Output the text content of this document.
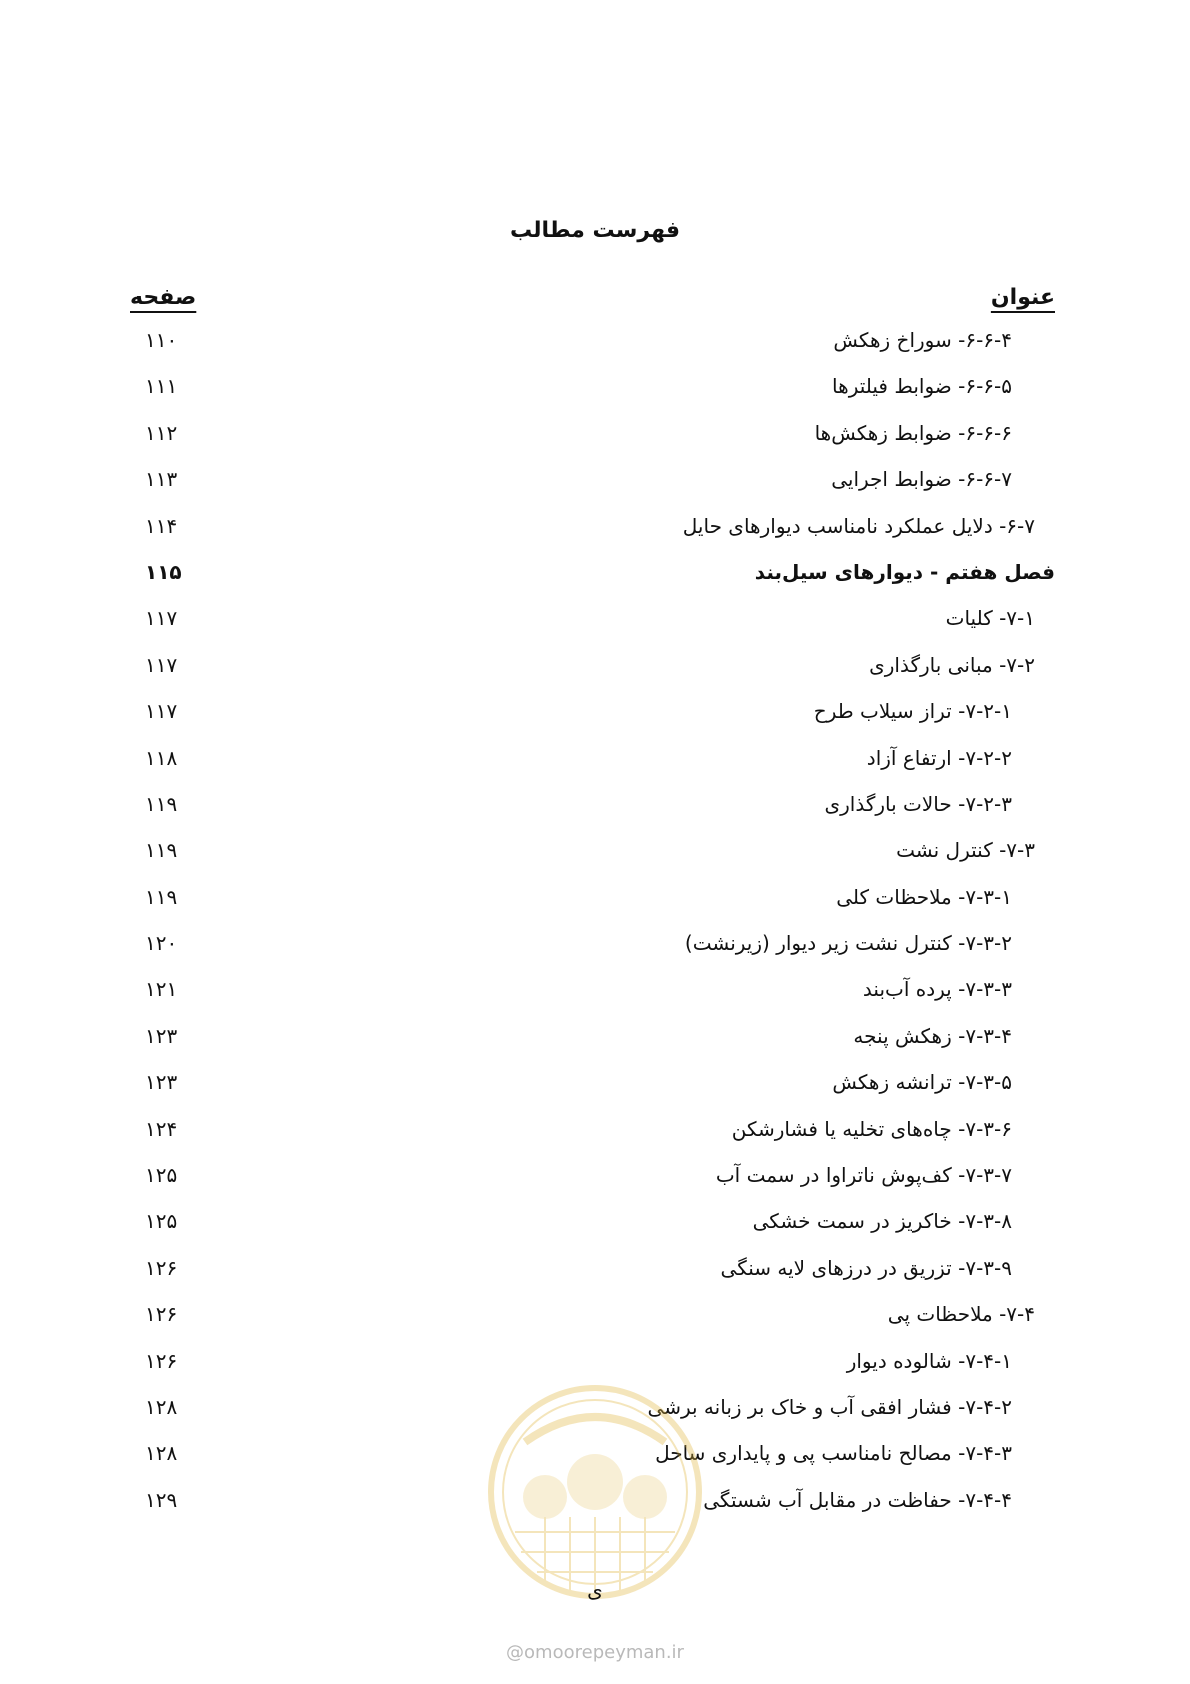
فهرست مطالب
عنوان
صفحه
۶-۶-۴- سوراخ زهکش
۱۱۰
۶-۶-۵- ضوابط فیلترها
۱۱۱
۶-۶-۶- ضوابط زهکش‌ها
۱۱۲
۶-۶-۷- ضوابط اجرایی
۱۱۳
۶-۷- دلایل عملکرد نامناسب دیوارهای حایل
۱۱۴
فصل هفتم - دیوارهای سیل‌بند
۱۱۵
۷-۱- کلیات
۱۱۷
۷-۲- مبانی بارگذاری
۱۱۷
۷-۲-۱- تراز سیلاب طرح
۱۱۷
۷-۲-۲- ارتفاع آزاد
۱۱۸
۷-۲-۳- حالات بارگذاری
۱۱۹
۷-۳- کنترل نشت
۱۱۹
۷-۳-۱- ملاحظات کلی
۱۱۹
۷-۳-۲- کنترل نشت زیر دیوار (زیرنشت)
۱۲۰
۷-۳-۳- پرده آب‌بند
۱۲۱
۷-۳-۴- زهکش پنجه
۱۲۳
۷-۳-۵- ترانشه زهکش
۱۲۳
۷-۳-۶- چاه‌های تخلیه یا فشارشکن
۱۲۴
۷-۳-۷- کف‌پوش ناتراوا در سمت آب
۱۲۵
۷-۳-۸- خاکریز در سمت خشکی
۱۲۵
۷-۳-۹- تزریق در درزهای لایه سنگی
۱۲۶
۷-۴- ملاحظات پی
۱۲۶
۷-۴-۱- شالوده دیوار
۱۲۶
۷-۴-۲- فشار افقی آب و خاک بر زبانه برشی
۱۲۸
۷-۴-۳- مصالح نامناسب پی و پایداری ساحل
۱۲۸
۷-۴-۴- حفاظت در مقابل آب شستگی
۱۲۹
ی
@omoorepeyman.ir
